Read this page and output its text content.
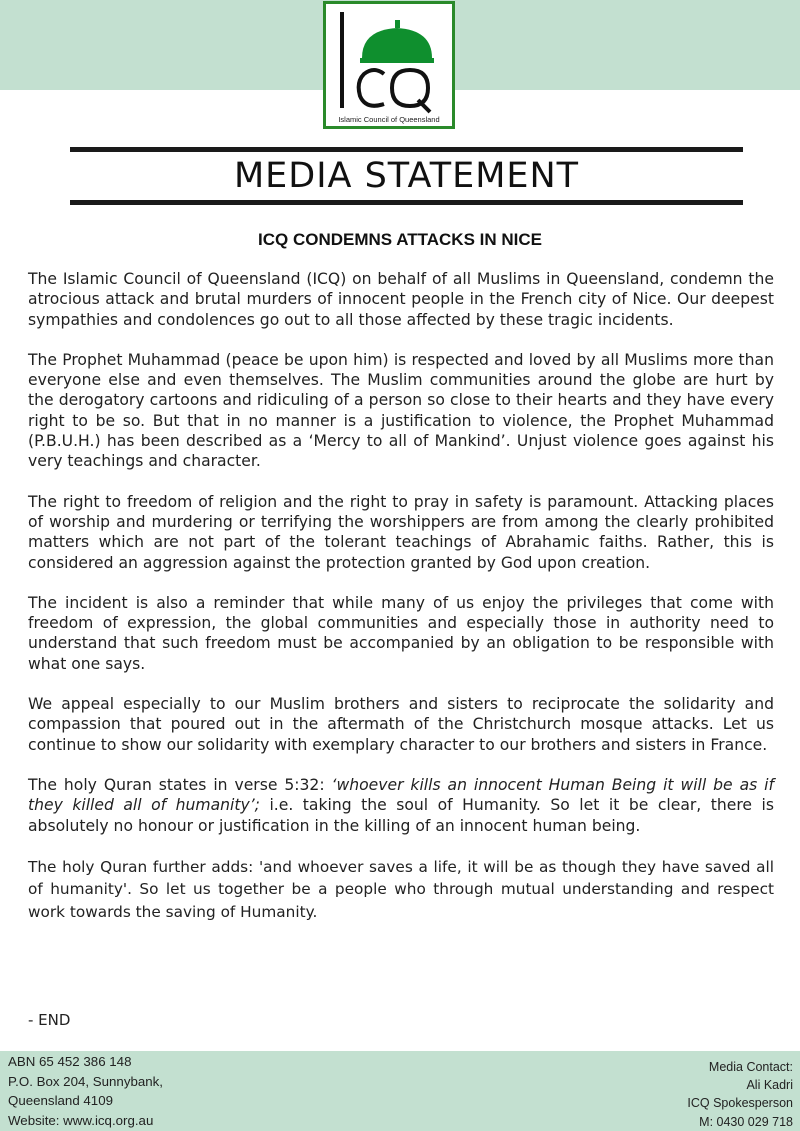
Islamic Council of Queensland
MEDIA STATEMENT
ICQ CONDEMNS ATTACKS IN NICE

The Islamic Council of Queensland (ICQ) on behalf of all Muslims in Queensland, condemn the atrocious attack and brutal murders of innocent people in the French city of Nice. Our deepest sympathies and condolences go out to all those affected by these tragic incidents.

The Prophet Muhammad (peace be upon him) is respected and loved by all Muslims more than everyone else and even themselves. The Muslim communities around the globe are hurt by the derogatory cartoons and ridiculing of a person so close to their hearts and they have every right to be so. But that in no manner is a justification to violence, the Prophet Muhammad (P.B.U.H.) has been described as a ‘Mercy to all of Mankind’. Unjust violence goes against his very teachings and character.

The right to freedom of religion and the right to pray in safety is paramount. Attacking places of worship and murdering or terrifying the worshippers are from among the clearly prohibited matters which are not part of the tolerant teachings of Abrahamic faiths. Rather, this is considered an aggression against the protection granted by God upon creation.

The incident is also a reminder that while many of us enjoy the privileges that come with freedom of expression, the global communities and especially those in authority need to understand that such freedom must be accompanied by an obligation to be responsible with what one says.

We appeal especially to our Muslim brothers and sisters to reciprocate the solidarity and compassion that poured out in the aftermath of the Christchurch mosque attacks. Let us continue to show our solidarity with exemplary character to our brothers and sisters in France.

The holy Quran states in verse 5:32: ‘whoever kills an innocent Human Being it will be as if they killed all of humanity’; i.e. taking the soul of Humanity. So let it be clear, there is absolutely no honour or justification in the killing of an innocent human being.

The holy Quran further adds: 'and whoever saves a life, it will be as though they have saved all of humanity'. So let us together be a people who through mutual understanding and respect work towards the saving of Humanity.

- END
ABN 65 452 386 148
P.O. Box 204, Sunnybank,
Queensland 4109
Website: www.icq.org.au
Media Contact:
Ali Kadri
ICQ Spokesperson
M: 0430 029 718
